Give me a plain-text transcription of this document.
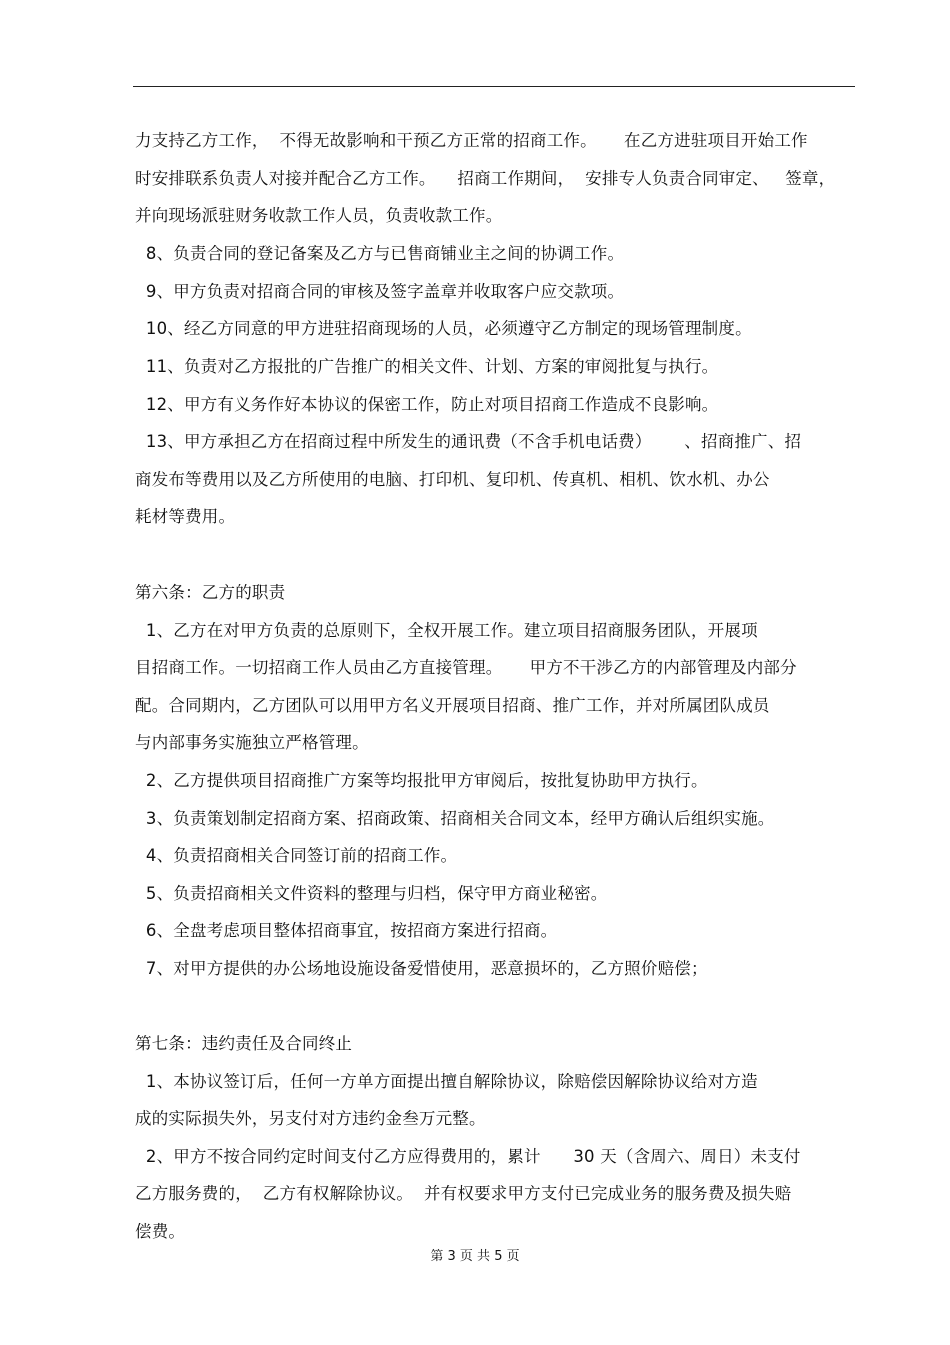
力支持乙方工作，  不得无故影响和干预乙方正常的招商工作。     在乙方进驻项目开始工作
时安排联系负责人对接并配合乙方工作。    招商工作期间，  安排专人负责合同审定、   签章，
并向现场派驻财务收款工作人员，负责收款工作。
8、负责合同的登记备案及乙方与已售商铺业主之间的协调工作。
9、甲方负责对招商合同的审核及签字盖章并收取客户应交款项。
10、经乙方同意的甲方进驻招商现场的人员，必须遵守乙方制定的现场管理制度。
11、负责对乙方报批的广告推广的相关文件、计划、方案的审阅批复与执行。
12、甲方有义务作好本协议的保密工作，防止对项目招商工作造成不良影响。
13、甲方承担乙方在招商过程中所发生的通讯费（不含手机电话费）      、招商推广、招
商发布等费用以及乙方所使用的电脑、打印机、复印机、传真机、相机、饮水机、办公
耗材等费用。
第六条：乙方的职责
1、乙方在对甲方负责的总原则下，全权开展工作。建立项目招商服务团队，开展项
目招商工作。一切招商工作人员由乙方直接管理。     甲方不干涉乙方的内部管理及内部分
配。合同期内，乙方团队可以用甲方名义开展项目招商、推广工作，并对所属团队成员
与内部事务实施独立严格管理。
2、乙方提供项目招商推广方案等均报批甲方审阅后，按批复协助甲方执行。
3、负责策划制定招商方案、招商政策、招商相关合同文本，经甲方确认后组织实施。
4、负责招商相关合同签订前的招商工作。
5、负责招商相关文件资料的整理与归档，保守甲方商业秘密。
6、全盘考虑项目整体招商事宜，按招商方案进行招商。
7、对甲方提供的办公场地设施设备爱惜使用，恶意损坏的，乙方照价赔偿；
第七条：违约责任及合同终止
1、本协议签订后，任何一方单方面提出擅自解除协议，除赔偿因解除协议给对方造
成的实际损失外，另支付对方违约金叁万元整。
2、甲方不按合同约定时间支付乙方应得费用的，累计      30 天（含周六、周日）未支付
乙方服务费的，  乙方有权解除协议。  并有权要求甲方支付已完成业务的服务费及损失赔
偿费。
第 3 页 共 5 页
